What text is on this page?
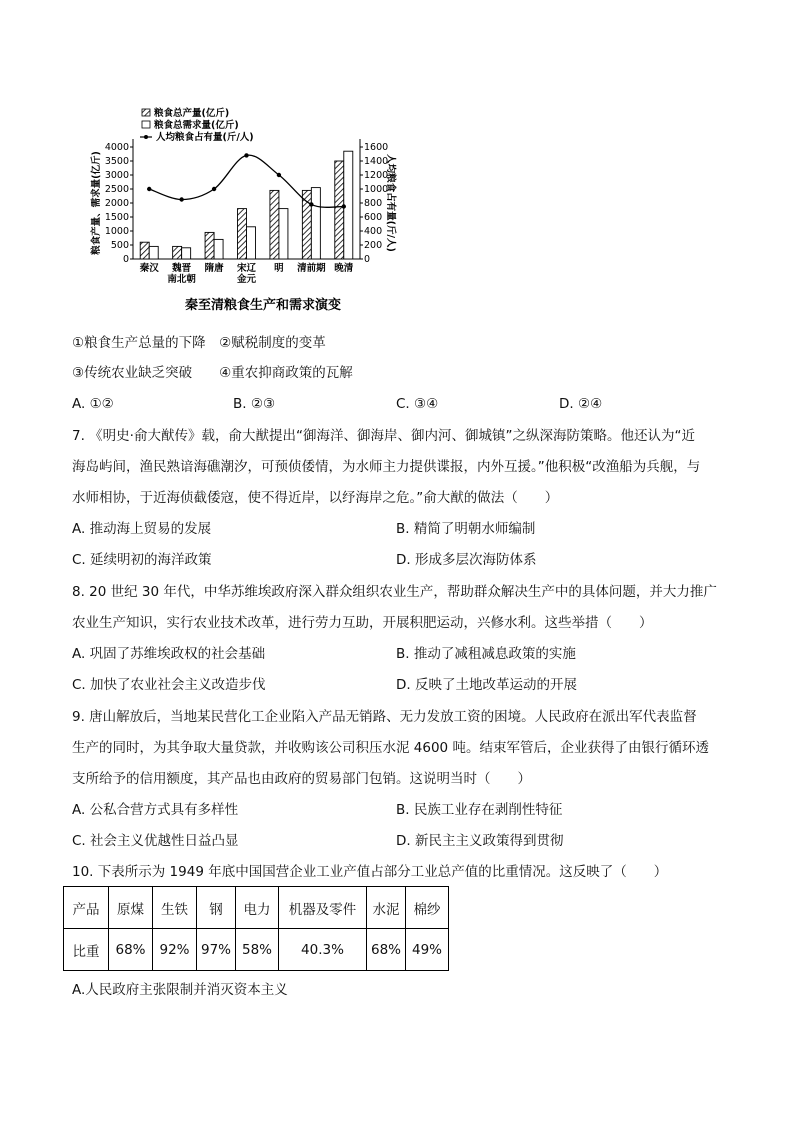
粮食总产量(亿斤)
粮食总需求量(亿斤)
人均粮食占有量(斤/人)
0
500
1000
1500
2000
2500
3000
3500
4000
0
200
400
600
800
1000
1200
1400
1600
粮食产量、需求量(亿斤)	人均粮食占有量(斤/人)
秦汉 魏晋
南北朝
隋唐 宋辽
金元
明 清前期 晚清
秦至清粮食生产和需求演变
①粮食生产总量的下降　②赋税制度的变革
③传统农业缺乏突破　　④重农抑商政策的瓦解
A. ①②	B. ②③	C. ③④	D. ②④
7. 《明史·俞大猷传》载，俞大猷提出“御海洋、御海岸、御内河、御城镇”之纵深海防策略。他还认为“近
海岛屿间，渔民熟谙海礁潮汐，可预侦倭情，为水师主力提供谍报，内外互援。”他积极“改渔船为兵舰，与
水师相协，于近海侦截倭寇，使不得近岸，以纾海岸之危。”俞大猷的做法（　　）
A. 推动海上贸易的发展	B. 精简了明朝水师编制
C. 延续明初的海洋政策	D. 形成多层次海防体系
8. 20 世纪 30 年代，中华苏维埃政府深入群众组织农业生产，帮助群众解决生产中的具体问题，并大力推广
农业生产知识，实行农业技术改革，进行劳力互助，开展积肥运动，兴修水利。这些举措（　　）
A. 巩固了苏维埃政权的社会基础	B. 推动了减租减息政策的实施
C. 加快了农业社会主义改造步伐	D. 反映了土地改革运动的开展
9. 唐山解放后，当地某民营化工企业陷入产品无销路、无力发放工资的困境。人民政府在派出军代表监督
生产的同时，为其争取大量贷款，并收购该公司积压水泥 4600 吨。结束军管后，企业获得了由银行循环透
支所给予的信用额度，其产品也由政府的贸易部门包销。这说明当时（　　）
A. 公私合营方式具有多样性	B. 民族工业存在剥削性特征
C. 社会主义优越性日益凸显	D. 新民主主义政策得到贯彻
10. 下表所示为 1949 年底中国国营企业工业产值占部分工业总产值的比重情况。这反映了（　　）
产品	原煤	生铁	钢	电力	机器及零件	水泥	棉纱
比重	68%	92%	97%	58%	40.3%	68%	49%
A.人民政府主张限制并消灭资本主义
